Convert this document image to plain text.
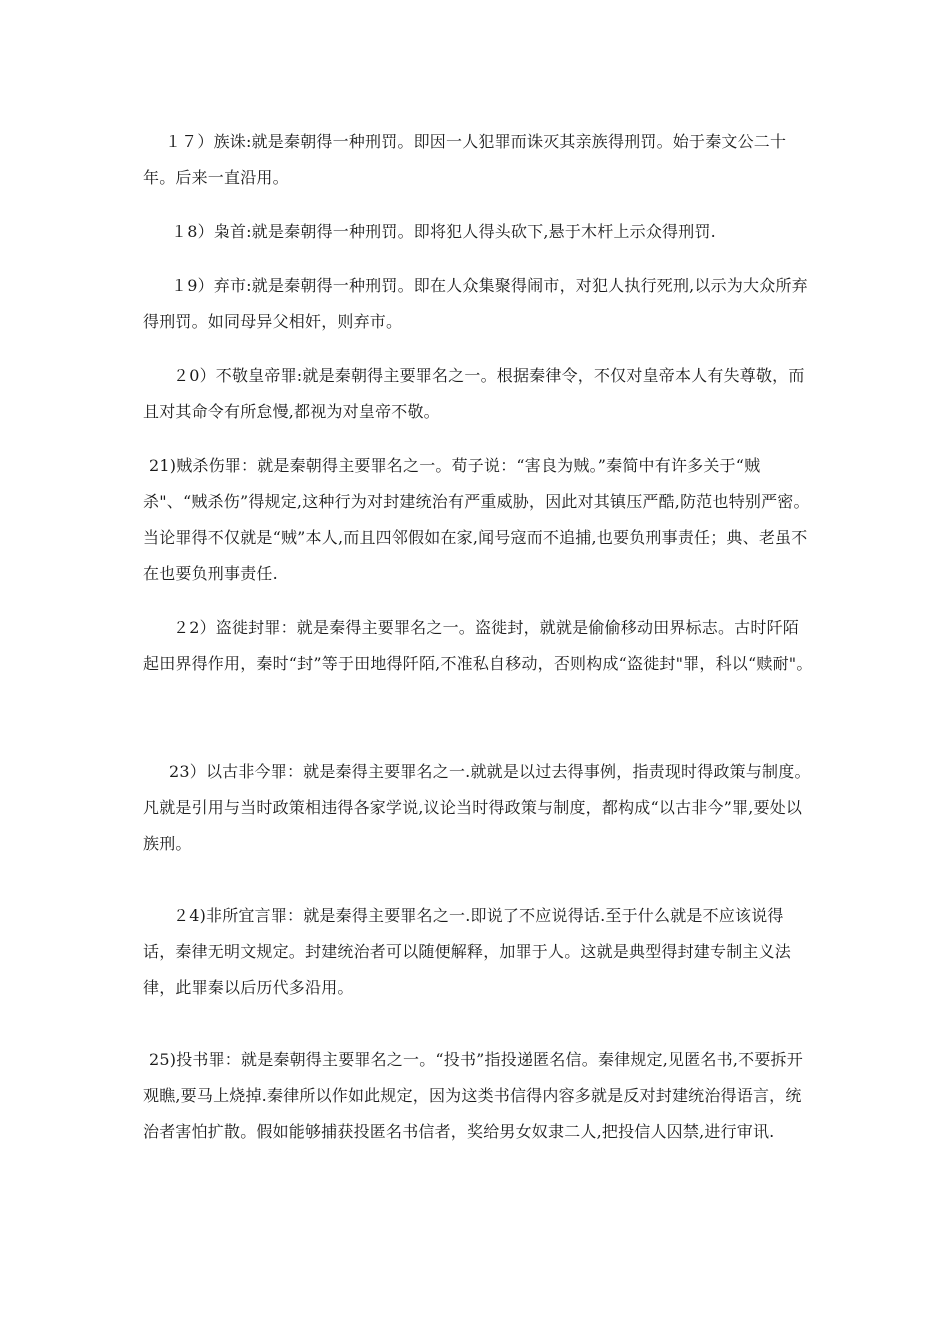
１７）族诛:就是秦朝得一种刑罚。即因一人犯罪而诛灭其亲族得刑罚。始于秦文公二十年。后来一直沿用。
１8）枭首:就是秦朝得一种刑罚。即将犯人得头砍下,悬于木杆上示众得刑罚.
１9）弃市:就是秦朝得一种刑罚。即在人众集聚得闹市，对犯人执行死刑,以示为大众所弃得刑罚。如同母异父相奸，则弃市。
２0）不敬皇帝罪:就是秦朝得主要罪名之一。根据秦律令，不仅对皇帝本人有失尊敬，而且对其命令有所怠慢,都视为对皇帝不敬。
21)贼杀伤罪：就是秦朝得主要罪名之一。荀子说：“害良为贼。”秦简中有许多关于“贼杀"、“贼杀伤”得规定,这种行为对封建统治有严重威胁，因此对其镇压严酷,防范也特别严密。当论罪得不仅就是“贼”本人,而且四邻假如在家,闻号寇而不追捕,也要负刑事责任；典、老虽不在也要负刑事责任.
２2）盗徙封罪：就是秦得主要罪名之一。盗徙封，就就是偷偷移动田界标志。古时阡陌起田界得作用，秦时“封”等于田地得阡陌,不准私自移动，否则构成“盗徙封"罪，科以“赎耐"。
23）以古非今罪：就是秦得主要罪名之一.就就是以过去得事例，指责现时得政策与制度。凡就是引用与当时政策相违得各家学说,议论当时得政策与制度，都构成“以古非今”罪,要处以族刑。
２4)非所宜言罪：就是秦得主要罪名之一.即说了不应说得话.至于什么就是不应该说得话，秦律无明文规定。封建统治者可以随便解释，加罪于人。这就是典型得封建专制主义法律，此罪秦以后历代多沿用。
25)投书罪：就是秦朝得主要罪名之一。“投书”指投递匿名信。秦律规定,见匿名书,不要拆开观瞧,要马上烧掉.秦律所以作如此规定，因为这类书信得内容多就是反对封建统治得语言，统治者害怕扩散。假如能够捕获投匿名书信者，奖给男女奴隶二人,把投信人囚禁,进行审讯.
